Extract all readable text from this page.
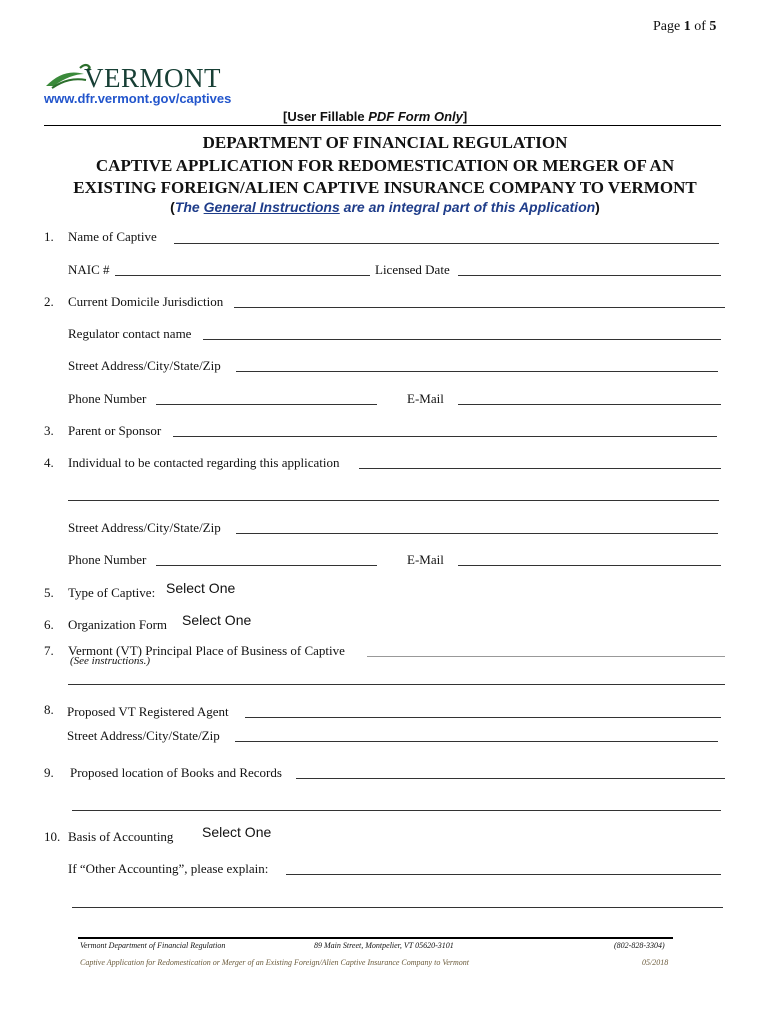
Page 1 of 5
VERMONT
www.dfr.vermont.gov/captives
[User Fillable PDF Form Only]
DEPARTMENT OF FINANCIAL REGULATION
CAPTIVE APPLICATION FOR REDOMESTICATION OR MERGER OF AN
EXISTING FOREIGN/ALIEN CAPTIVE INSURANCE COMPANY TO VERMONT
(The General Instructions are an integral part of this Application)
1. Name of Captive
NAIC #	Licensed Date
2. Current Domicile Jurisdiction
Regulator contact name
Street Address/City/State/Zip
Phone Number	E-Mail
3. Parent or Sponsor
4. Individual to be contacted regarding this application
Street Address/City/State/Zip
Phone Number	E-Mail
5. Type of Captive: Select One
6. Organization Form Select One
7. Vermont (VT) Principal Place of Business of Captive
(See instructions.)
8. Proposed VT Registered Agent
Street Address/City/State/Zip
9. Proposed location of Books and Records
10. Basis of Accounting Select One
If “Other Accounting”, please explain:
Vermont Department of Financial Regulation	89 Main Street, Montpelier, VT 05620-3101	(802-828-3304)
Captive Application for Redomestication or Merger of an Existing Foreign/Alien Captive Insurance Company to Vermont	05/2018
